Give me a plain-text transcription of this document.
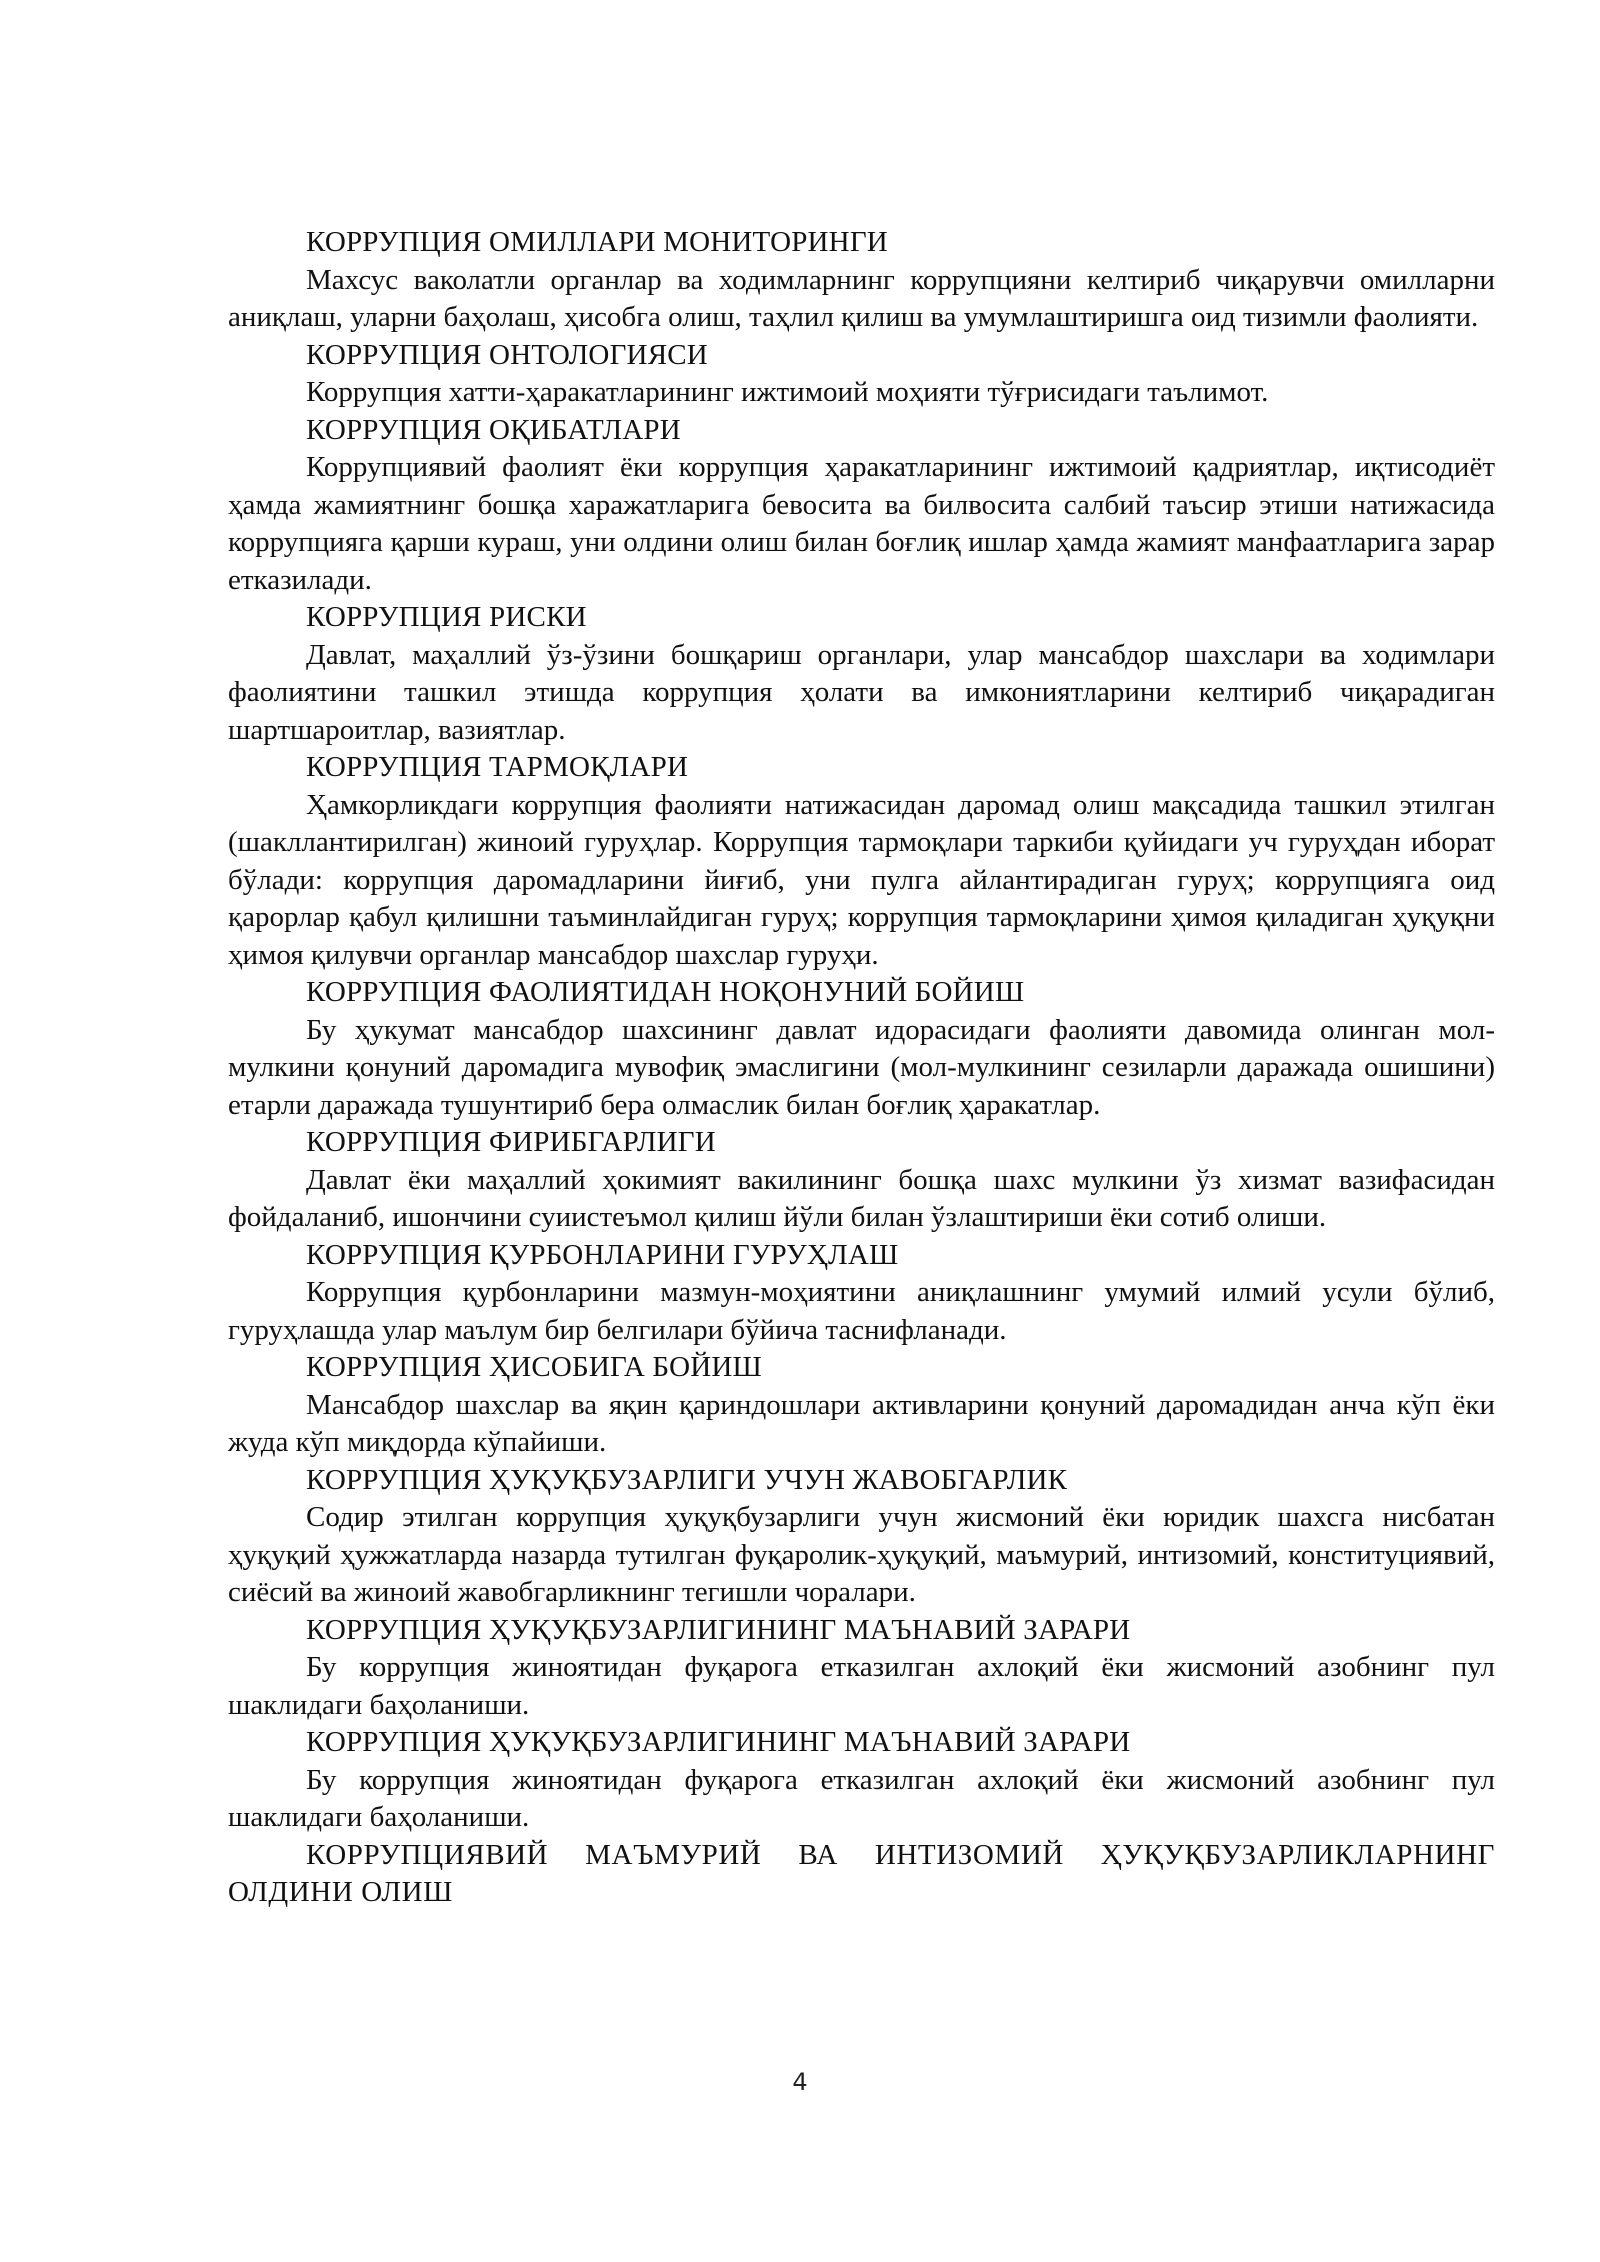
КОРРУПЦИЯ ОМИЛЛАРИ МОНИТОРИНГИ

Махсус ваколатли органлар ва ходимларнинг коррупцияни келтириб чиқарувчи омилларни аниқлаш, уларни баҳолаш, ҳисобга олиш, таҳлил қилиш ва умумлаштиришга оид тизимли фаолияти.

КОРРУПЦИЯ ОНТОЛОГИЯСИ

Коррупция хатти-ҳаракатларининг ижтимоий моҳияти тўғрисидаги таълимот.

КОРРУПЦИЯ ОҚИБАТЛАРИ

Коррупциявий фаолият ёки коррупция ҳаракатларининг ижтимоий қадриятлар, иқтисодиёт ҳамда жамиятнинг бошқа харажатларига бевосита ва билвосита салбий таъсир этиши натижасида коррупцияга қарши кураш, уни олдини олиш билан боғлиқ ишлар ҳамда жамият манфаатларига зарар етказилади.

КОРРУПЦИЯ РИСКИ

Давлат, маҳаллий ўз-ўзини бошқариш органлари, улар мансабдор шахслари ва ходимлари фаолиятини ташкил этишда коррупция ҳолати ва имкониятларини келтириб чиқарадиган шартшароитлар, вазиятлар.

КОРРУПЦИЯ ТАРМОҚЛАРИ

Ҳамкорликдаги коррупция фаолияти натижасидан даромад олиш мақсадида ташкил этилган (шакллантирилган) жиноий гуруҳлар. Коррупция тармоқлари таркиби қуйидаги уч гуруҳдан иборат бўлади: коррупция даромадларини йиғиб, уни пулга айлантирадиган гуруҳ; коррупцияга оид қарорлар қабул қилишни таъминлайдиган гуруҳ; коррупция тармоқларини ҳимоя қиладиган ҳуқуқни ҳимоя қилувчи органлар мансабдор шахслар гуруҳи.

КОРРУПЦИЯ ФАОЛИЯТИДАН НОҚОНУНИЙ БОЙИШ

Бу ҳукумат мансабдор шахсининг давлат идорасидаги фаолияти давомида олинган мол-мулкини қонуний даромадига мувофиқ эмаслигини (мол-мулкининг сезиларли даражада ошишини) етарли даражада тушунтириб бера олмаслик билан боғлиқ ҳаракатлар.

КОРРУПЦИЯ ФИРИБГАРЛИГИ

Давлат ёки маҳаллий ҳокимият вакилининг бошқа шахс мулкини ўз хизмат вазифасидан фойдаланиб, ишончини суиистеъмол қилиш йўли билан ўзлаштириши ёки сотиб олиши.

КОРРУПЦИЯ ҚУРБОНЛАРИНИ ГУРУҲЛАШ

Коррупция қурбонларини мазмун-моҳиятини аниқлашнинг умумий илмий усули бўлиб, гуруҳлашда улар маълум бир белгилари бўйича таснифланади.

КОРРУПЦИЯ ҲИСОБИГА БОЙИШ

Мансабдор шахслар ва яқин қариндошлари активларини қонуний даромадидан анча кўп ёки жуда кўп миқдорда кўпайиши.

КОРРУПЦИЯ ҲУҚУҚБУЗАРЛИГИ УЧУН ЖАВОБГАРЛИК

Содир этилган коррупция ҳуқуқбузарлиги учун жисмоний ёки юридик шахсга нисбатан ҳуқуқий ҳужжатларда назарда тутилган фуқаролик-ҳуқуқий, маъмурий, интизомий, конституциявий, сиёсий ва жиноий жавобгарликнинг тегишли чоралари.

КОРРУПЦИЯ ҲУҚУҚБУЗАРЛИГИНИНГ МАЪНАВИЙ ЗАРАРИ

Бу коррупция жиноятидан фуқарога етказилган ахлоқий ёки жисмоний азобнинг пул шаклидаги баҳоланиши.

КОРРУПЦИЯ ҲУҚУҚБУЗАРЛИГИНИНГ МАЪНАВИЙ ЗАРАРИ

Бу коррупция жиноятидан фуқарога етказилган ахлоқий ёки жисмоний азобнинг пул шаклидаги баҳоланиши.

КОРРУПЦИЯВИЙ МАЪМУРИЙ ВА ИНТИЗОМИЙ ҲУҚУҚБУЗАРЛИКЛАРНИНГ ОЛДИНИ ОЛИШ

4
